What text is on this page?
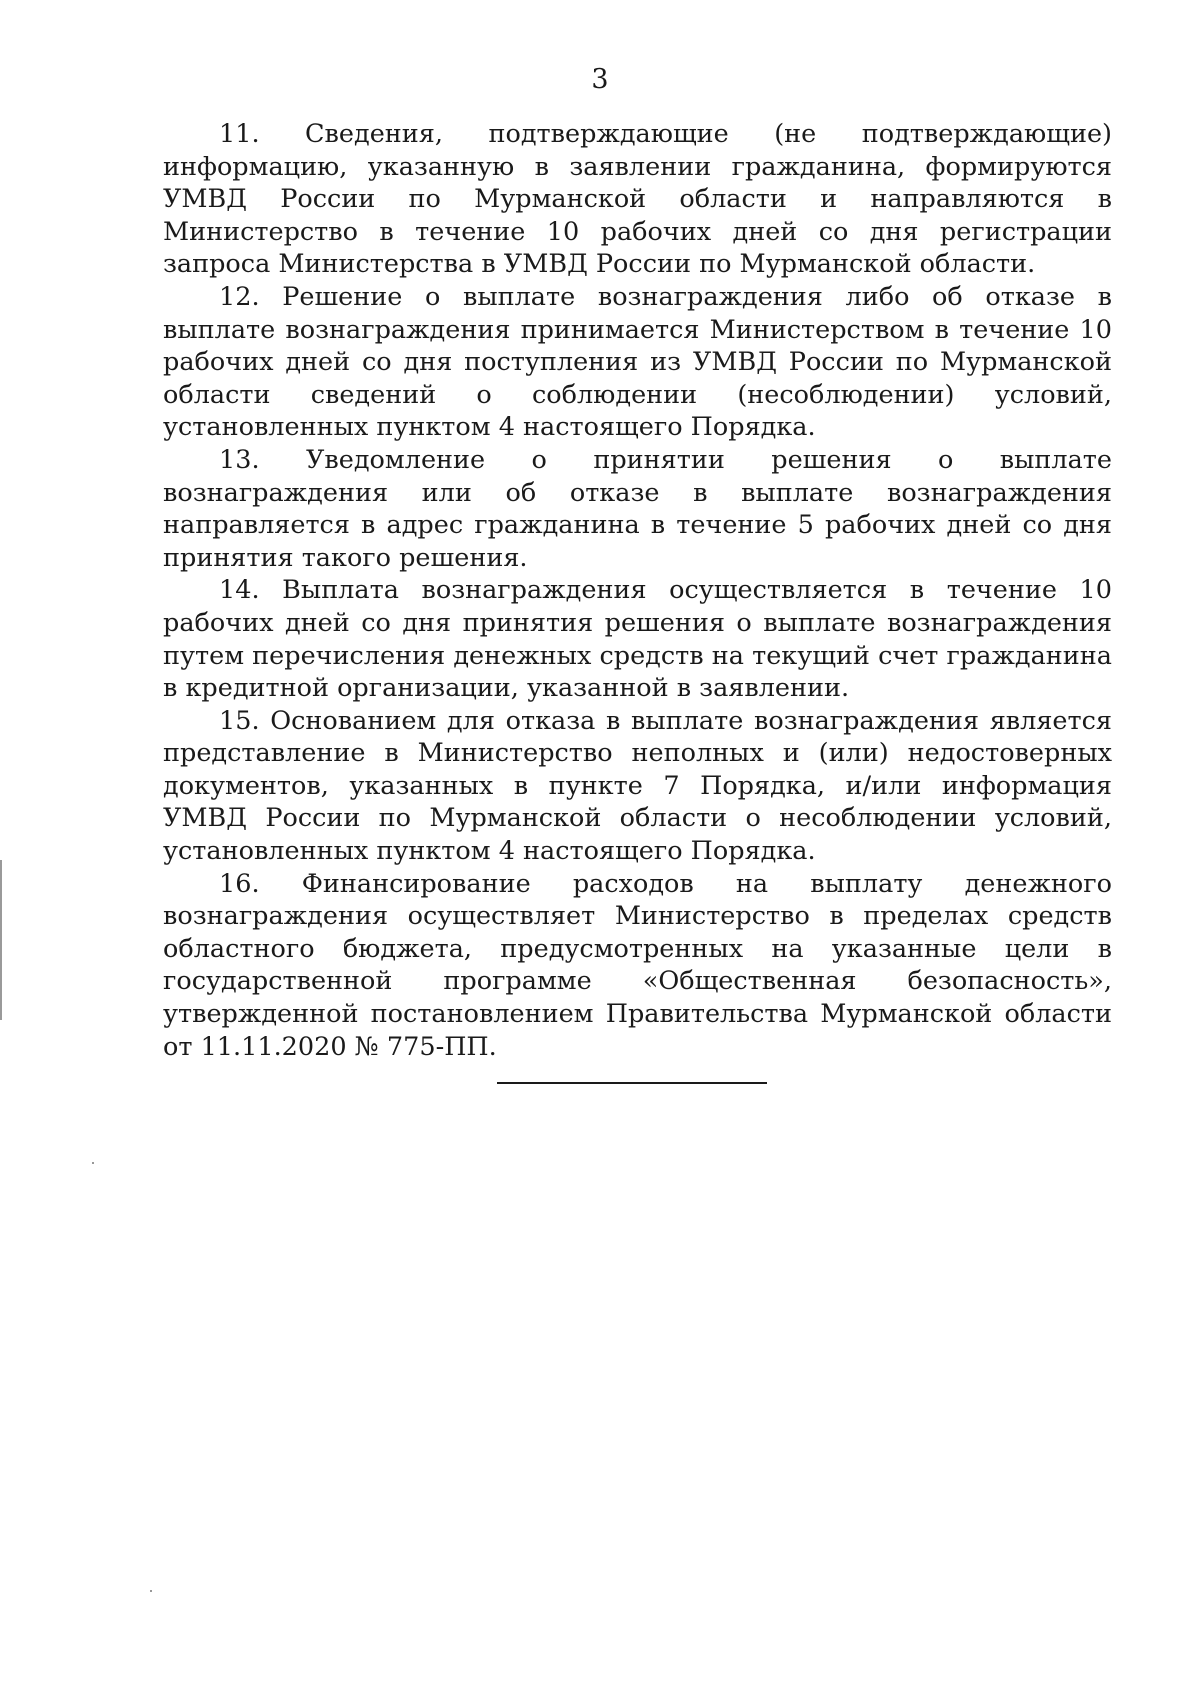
3

11. Сведения, подтверждающие (не подтверждающие) информацию, указанную в заявлении гражданина, формируются УМВД России по Мурманской области и направляются в Министерство в течение 10 рабочих дней со дня регистрации запроса Министерства в УМВД России по Мурманской области.

12. Решение о выплате вознаграждения либо об отказе в выплате вознаграждения принимается Министерством в течение 10 рабочих дней со дня поступления из УМВД России по Мурманской области сведений о соблюдении (несоблюдении) условий, установленных пунктом 4 настоящего Порядка.

13. Уведомление о принятии решения о выплате вознаграждения или об отказе в выплате вознаграждения направляется в адрес гражданина в течение 5 рабочих дней со дня принятия такого решения.

14. Выплата вознаграждения осуществляется в течение 10 рабочих дней со дня принятия решения о выплате вознаграждения путем перечисления денежных средств на текущий счет гражданина в кредитной организации, указанной в заявлении.

15. Основанием для отказа в выплате вознаграждения является представление в Министерство неполных и (или) недостоверных документов, указанных в пункте 7 Порядка, и/или информация УМВД России по Мурманской области о несоблюдении условий, установленных пунктом 4 настоящего Порядка.

16. Финансирование расходов на выплату денежного вознаграждения осуществляет Министерство в пределах средств областного бюджета, предусмотренных на указанные цели в государственной программе «Общественная безопасность», утвержденной постановлением Правительства Мурманской области от 11.11.2020 № 775-ПП.
